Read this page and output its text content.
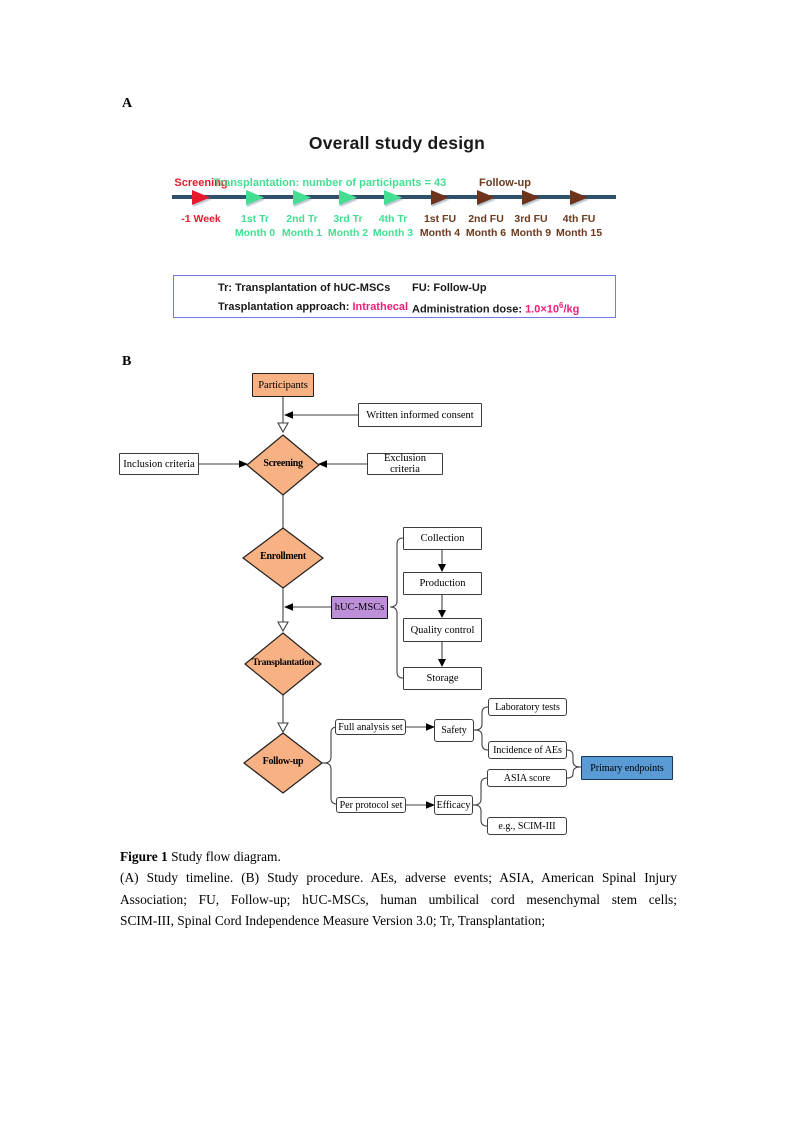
A
Overall study design
Screening
Transplantation: number of participants = 43	Follow-up
-1 Week	1st Tr
Month 0
2nd Tr
Month 1
3rd Tr
Month 2
4th Tr
Month 3
1st FU
Month 4
2nd FU
Month 6
3rd FU
Month 9
4th FU
Month 15
Tr: Transplantation of hUC-MSCs FU: Follow-Up
Trasplantation approach: Intrathecal Administration dose: $1.0\times 10^6/kg$
B
Participants
Written informed consent
Inclusion criteria	Exclusion criteria
hUC-MSCs
Collection
Production
Quality control
Storage
Full analysis set
Per protocol set
Safety
Efficacy
Laboratory tests
Incidence of AEs
ASIA score
e.g., SCIM-III
Primary endpoints
Screening
Enrollment
Transplantation
Follow-up
Figure 1 Study flow diagram.
(A) Study timeline. (B) Study procedure. AEs, adverse events; ASIA, American Spinal Injury
Association; FU, Follow-up; hUC-MSCs, human umbilical cord mesenchymal stem cells;
SCIM-III, Spinal Cord Independence Measure Version 3.0; Tr, Transplantation;
